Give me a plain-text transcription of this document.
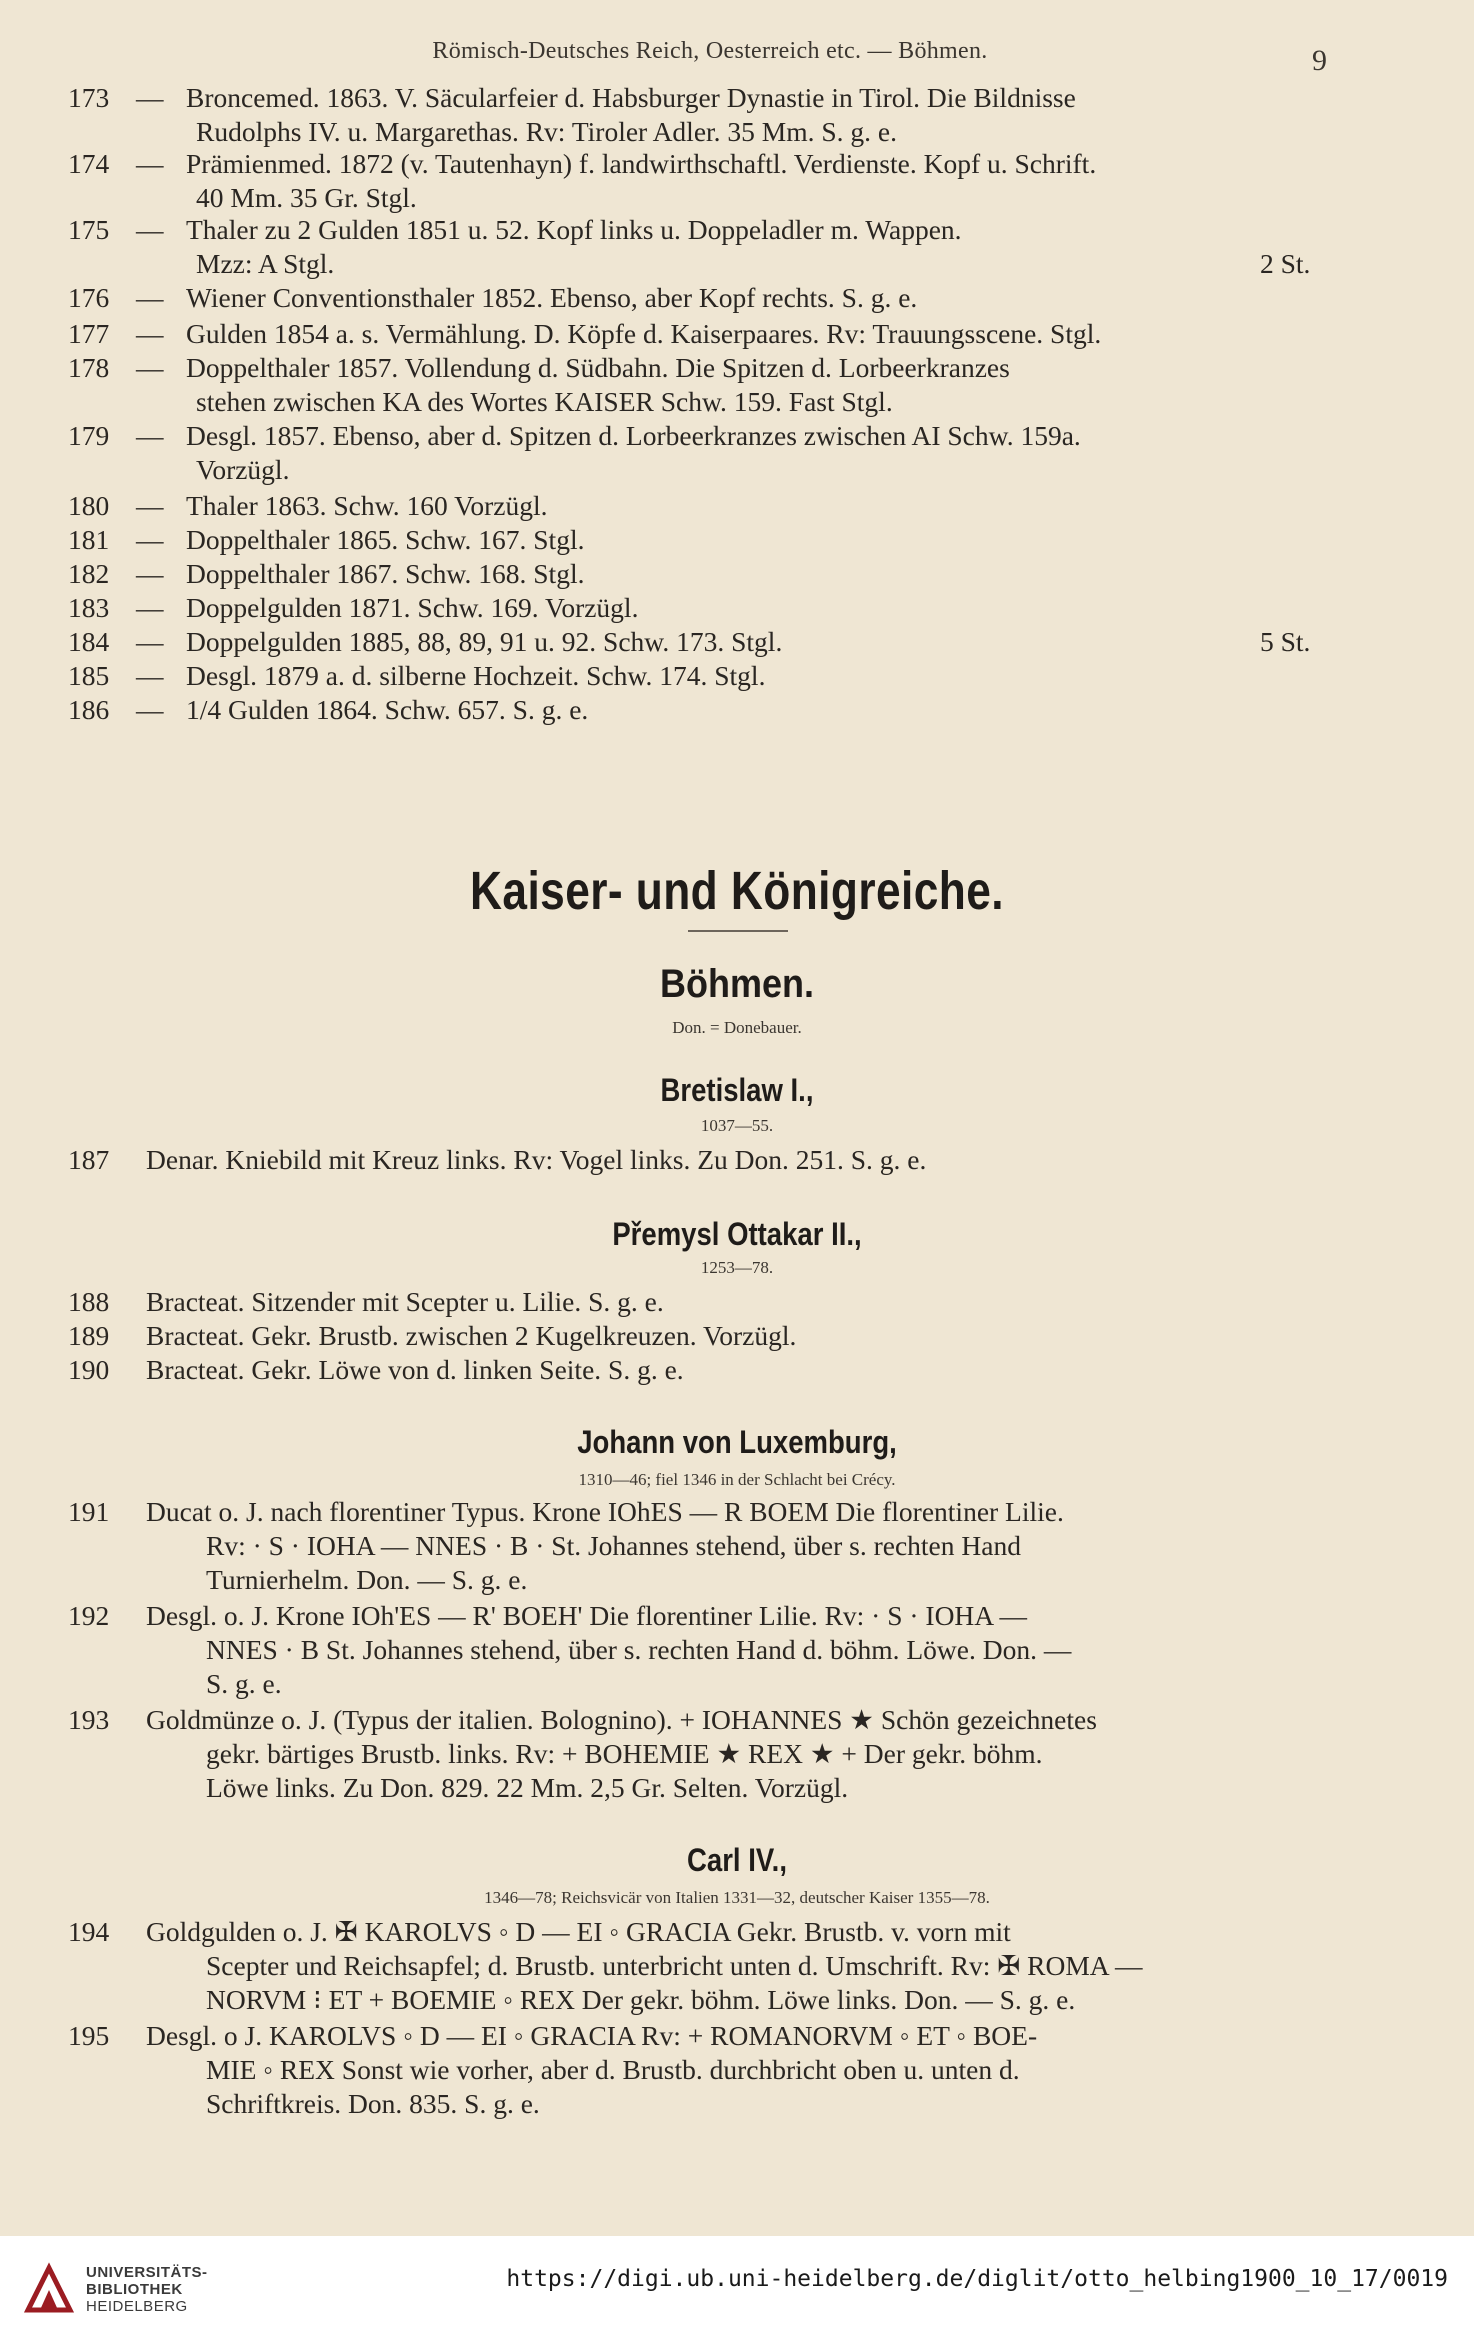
Römisch-Deutsches Reich, Oesterreich etc. — Böhmen.	9
173 — Broncemed. 1863. V. Säcularfeier d. Habsburger Dynastie in Tirol. Die Bildnisse
Rudolphs IV. u. Margarethas. Rv: Tiroler Adler. 35 Mm. S. g. e.
174 — Prämienmed. 1872 (v. Tautenhayn) f. landwirthschaftl. Verdienste. Kopf u. Schrift.
40 Mm. 35 Gr. Stgl.
175 — Thaler zu 2 Gulden 1851 u. 52. Kopf links u. Doppeladler m. Wappen.
Mzz: A Stgl.	2 St.
176 — Wiener Conventionsthaler 1852. Ebenso, aber Kopf rechts. S. g. e.
177 — Gulden 1854 a. s. Vermählung. D. Köpfe d. Kaiserpaares. Rv: Trauungsscene. Stgl.
178 — Doppelthaler 1857. Vollendung d. Südbahn. Die Spitzen d. Lorbeerkranzes
stehen zwischen KA des Wortes KAISER Schw. 159. Fast Stgl.
179 — Desgl. 1857. Ebenso, aber d. Spitzen d. Lorbeerkranzes zwischen AI Schw. 159a.
Vorzügl.
180 — Thaler 1863. Schw. 160 Vorzügl.
181 — Doppelthaler 1865. Schw. 167. Stgl.
182 — Doppelthaler 1867. Schw. 168. Stgl.
183 — Doppelgulden 1871. Schw. 169. Vorzügl.
184 — Doppelgulden 1885, 88, 89, 91 u. 92. Schw. 173. Stgl.	5 St.
185 — Desgl. 1879 a. d. silberne Hochzeit. Schw. 174. Stgl.
186 — 1/4 Gulden 1864. Schw. 657. S. g. e.
Kaiser- und Königreiche.
Böhmen.
Don. = Donebauer.
Bretislaw I.,
1037—55.
187	Denar. Kniebild mit Kreuz links. Rv: Vogel links. Zu Don. 251. S. g. e.
Přemysl Ottakar II.,
1253—78.
188	Bracteat. Sitzender mit Scepter u. Lilie. S. g. e.
189	Bracteat. Gekr. Brustb. zwischen 2 Kugelkreuzen. Vorzügl.
190	Bracteat. Gekr. Löwe von d. linken Seite. S. g. e.
Johann von Luxemburg,
1310—46; fiel 1346 in der Schlacht bei Crécy.
191	Ducat o. J. nach florentiner Typus. Krone IOhES — R BOEM Die florentiner Lilie.
Rv: · S · IOHA — NNES · B · St. Johannes stehend, über s. rechten Hand
Turnierhelm. Don. — S. g. e.
192	Desgl. o. J. Krone IOh'ES — R' BOEH' Die florentiner Lilie. Rv: · S · IOHA —
NNES · B St. Johannes stehend, über s. rechten Hand d. böhm. Löwe. Don. —
S. g. e.
193	Goldmünze o. J. (Typus der italien. Bolognino). + IOHANNES ★ Schön gezeichnetes
gekr. bärtiges Brustb. links. Rv: + BOHEMIE ★ REX ★ + Der gekr. böhm.
Löwe links. Zu Don. 829. 22 Mm. 2,5 Gr. Selten. Vorzügl.
Carl IV.,
1346—78; Reichsvicär von Italien 1331—32, deutscher Kaiser 1355—78.
194	Goldgulden o. J. ✠ KAROLVS ◦ D — EI ◦ GRACIA Gekr. Brustb. v. vorn mit
Scepter und Reichsapfel; d. Brustb. unterbricht unten d. Umschrift. Rv: ✠ ROMA —
NORVM ⁝ ET + BOEMIE ◦ REX Der gekr. böhm. Löwe links. Don. — S. g. e.
195	Desgl. o J. KAROLVS ◦ D — EI ◦ GRACIA Rv: + ROMANORVM ◦ ET ◦ BOE-
MIE ◦ REX Sonst wie vorher, aber d. Brustb. durchbricht oben u. unten d.
Schriftkreis. Don. 835. S. g. e.
UNIVERSITÄTS-
BIBLIOTHEK
HEIDELBERG
https://digi.ub.uni-heidelberg.de/diglit/otto_helbing1900_10_17/0019
